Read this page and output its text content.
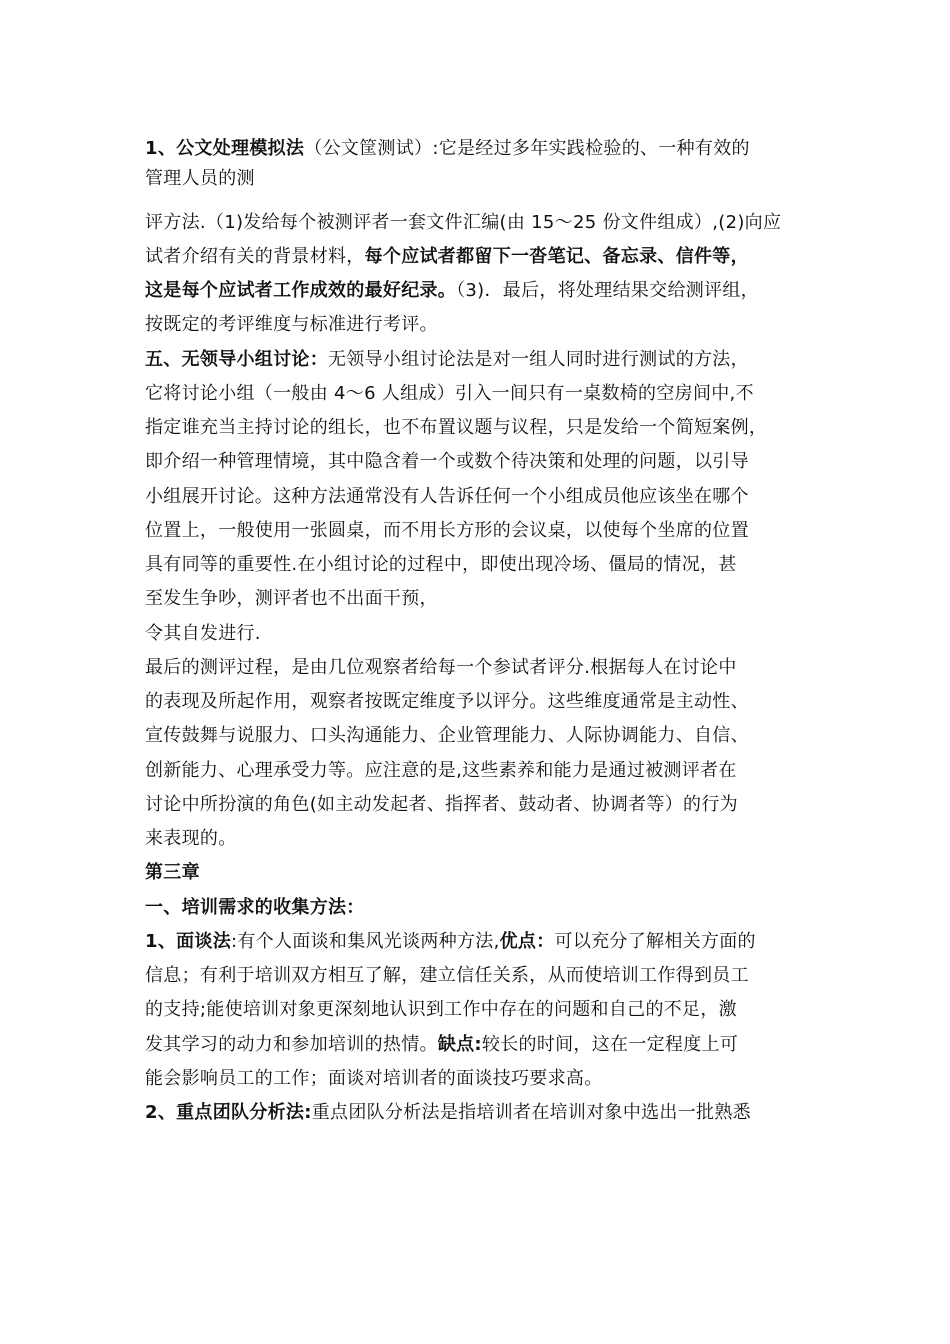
1、公文处理模拟法（公文筐测试）:它是经过多年实践检验的、一种有效的
管理人员的测
评方法.（1)发给每个被测评者一套文件汇编(由 15～25 份文件组成）,(2)向应
试者介绍有关的背景材料，每个应试者都留下一沓笔记、备忘录、信件等，
这是每个应试者工作成效的最好纪录。（3)．最后，将处理结果交给测评组，
按既定的考评维度与标准进行考评。
五、无领导小组讨论：无领导小组讨论法是对一组人同时进行测试的方法，
它将讨论小组（一般由 4～6 人组成）引入一间只有一桌数椅的空房间中,不
指定谁充当主持讨论的组长，也不布置议题与议程，只是发给一个简短案例，
即介绍一种管理情境，其中隐含着一个或数个待决策和处理的问题，以引导
小组展开讨论。这种方法通常没有人告诉任何一个小组成员他应该坐在哪个
位置上，一般使用一张圆桌，而不用长方形的会议桌，以使每个坐席的位置
具有同等的重要性.在小组讨论的过程中，即使出现冷场、僵局的情况，甚
至发生争吵，测评者也不出面干预，
令其自发进行.
最后的测评过程，是由几位观察者给每一个参试者评分.根据每人在讨论中
的表现及所起作用，观察者按既定维度予以评分。这些维度通常是主动性、
宣传鼓舞与说服力、口头沟通能力、企业管理能力、人际协调能力、自信、
创新能力、心理承受力等。应注意的是,这些素养和能力是通过被测评者在
讨论中所扮演的角色(如主动发起者、指挥者、鼓动者、协调者等）的行为
来表现的。
第三章
一、培训需求的收集方法：
1、面谈法:有个人面谈和集风光谈两种方法,优点：可以充分了解相关方面的
信息；有利于培训双方相互了解，建立信任关系，从而使培训工作得到员工
的支持;能使培训对象更深刻地认识到工作中存在的问题和自己的不足，激
发其学习的动力和参加培训的热情。缺点:较长的时间，这在一定程度上可
能会影响员工的工作；面谈对培训者的面谈技巧要求高。
2、重点团队分析法:重点团队分析法是指培训者在培训对象中选出一批熟悉
